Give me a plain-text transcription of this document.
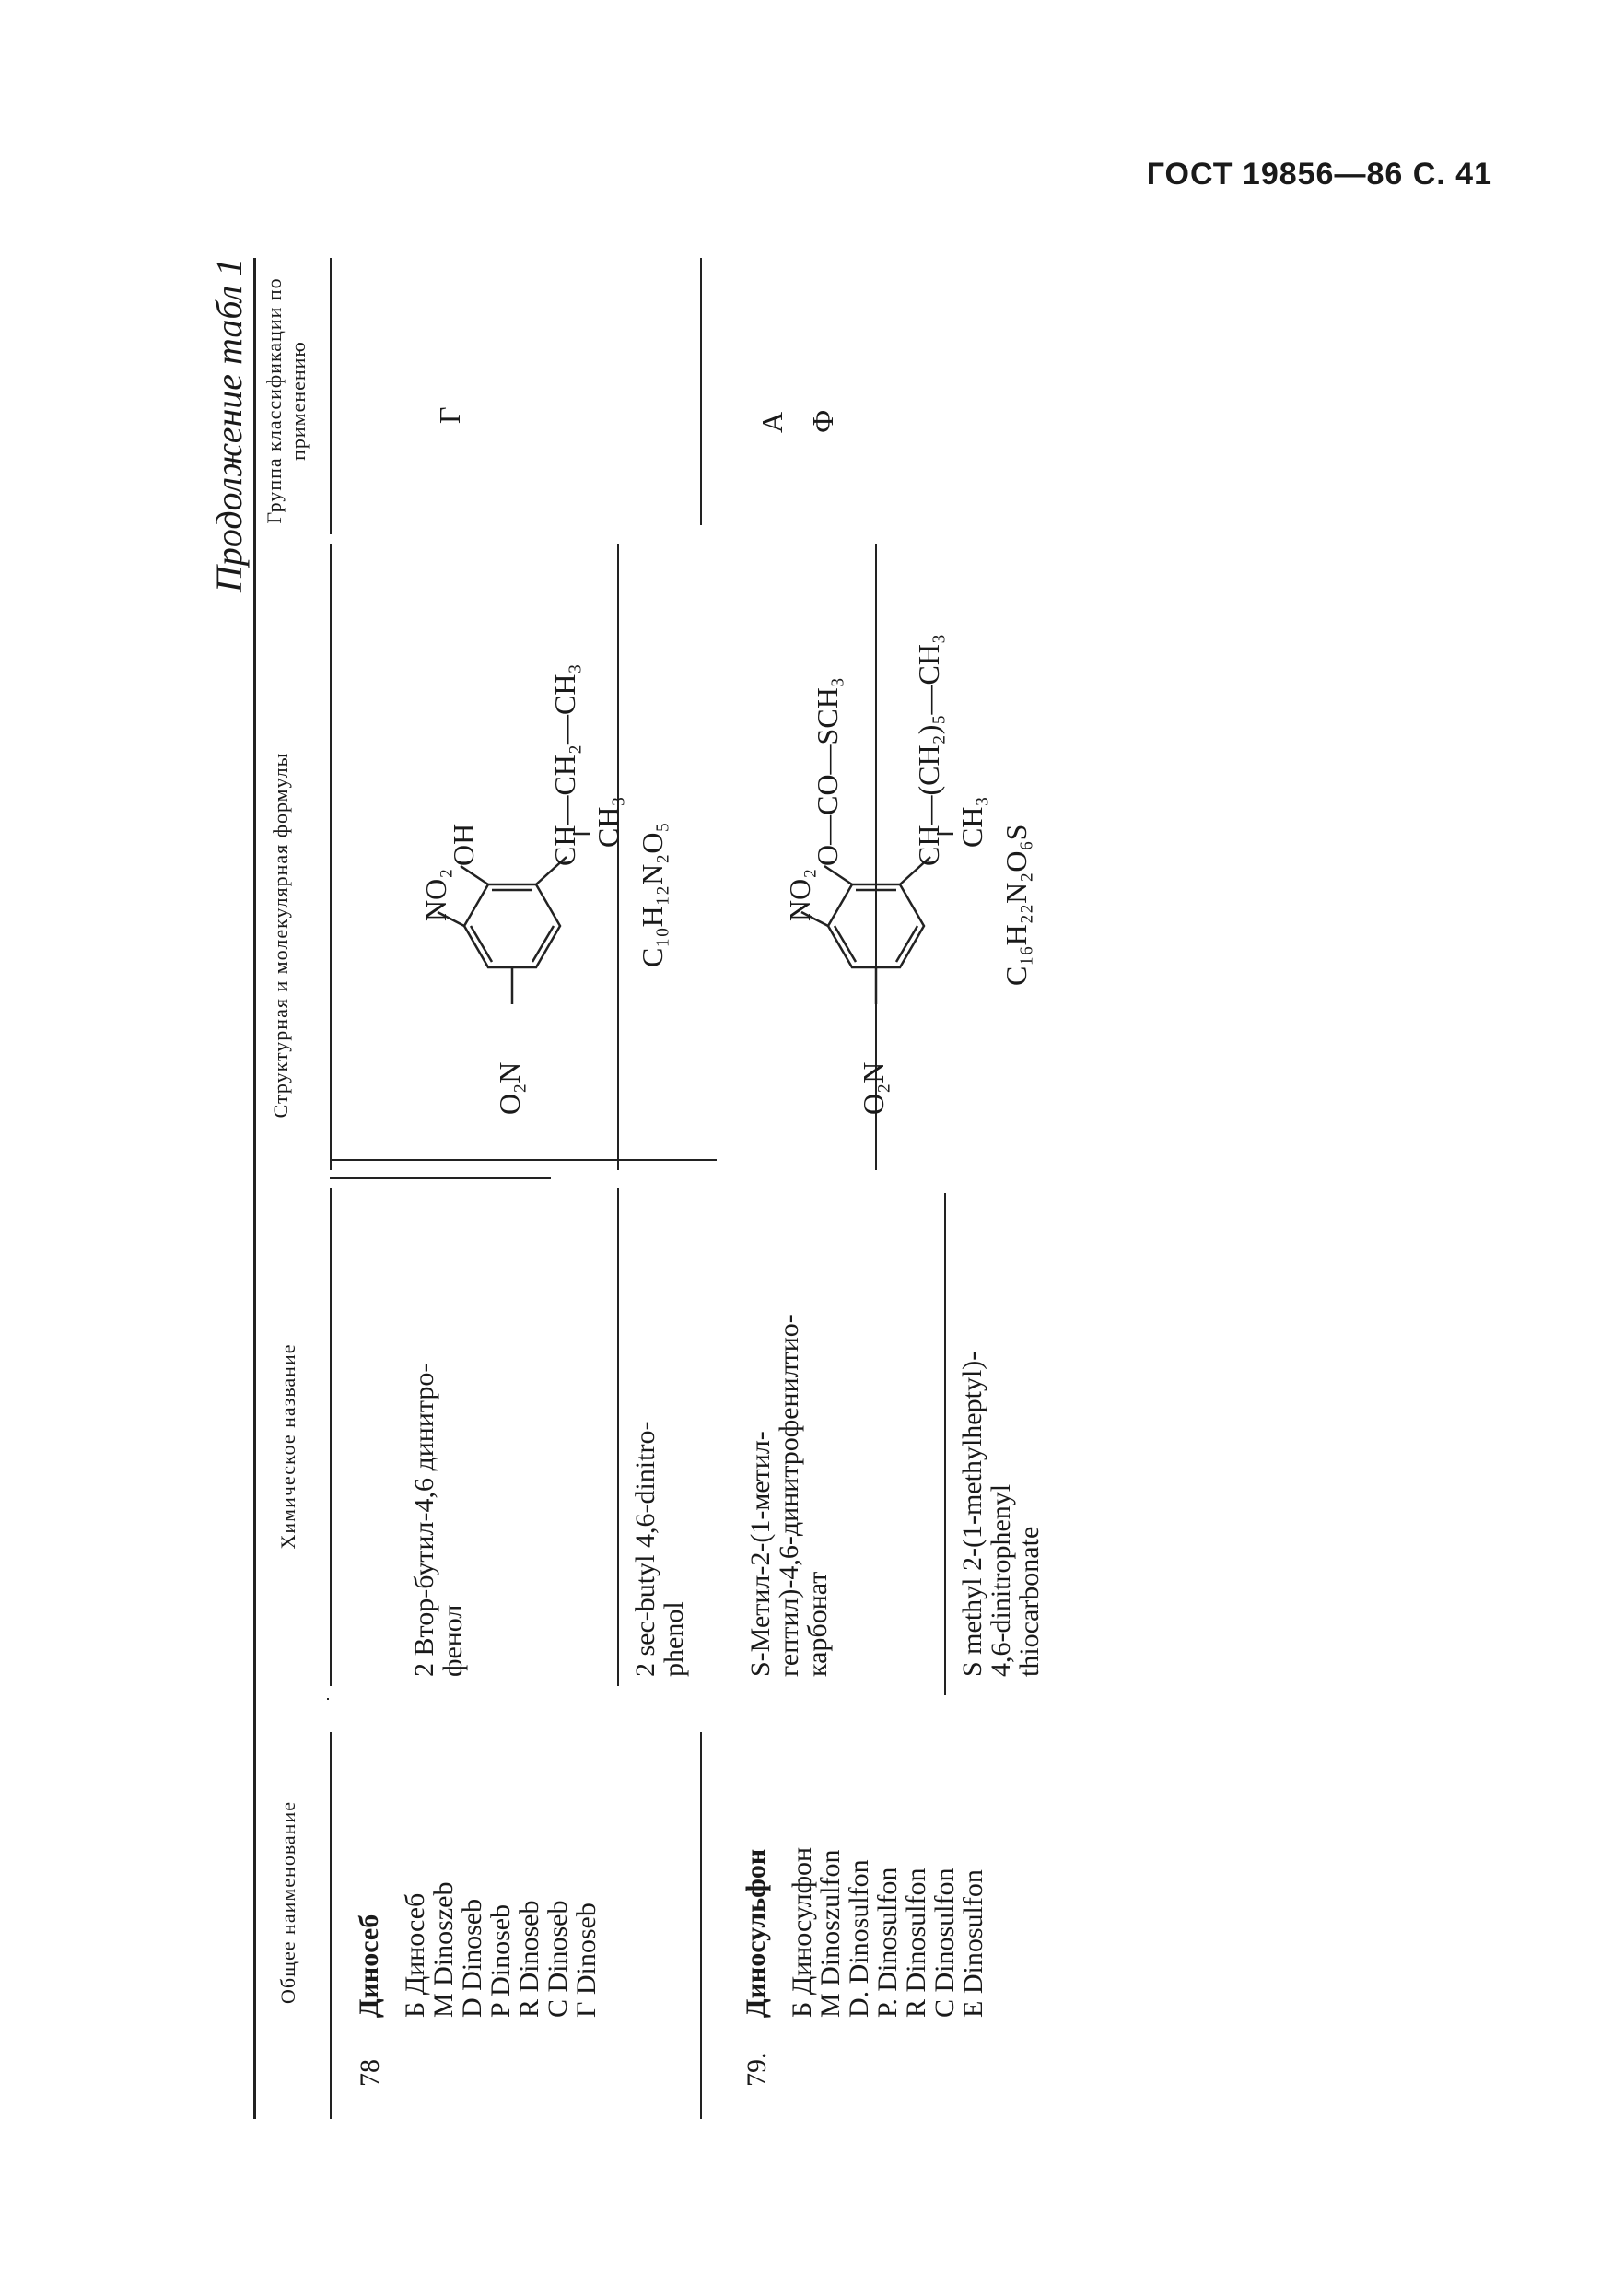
ГОСТ 19856—86 С. 41
Продолжение табл 1
Общее наименование
Химическое название
Структурная и молекулярная формулы
Группа классификации по применению
78
Диносеб Б Диносеб
М Dinoszeb
D Dinoseb
P Dinoseb
R Dinoseb
C Dinoseb
Г Dinoseb
2 Втор-бутил-4,6 динитро-
фенол	2 sec-butyl 4,6-dinitro-
phenol
O₂N
NO₂
OH CH—CH₂—CH₃ CH₃
C₁₀H₁₂N₂O₅
Г
79.
Диносульфон Б Диносулфон
М Dinoszulfon
D. Dinosulfon
P. Dinosulfon
R Dinosulfon
C Dinosulfon
E Dinosulfon
S-Метил-2-(1-метил-
гептил)-4,6-динитрофенилтио-
карбонат	S methyl 2-(1-methylheptyl)-
4,6-dinitrophenyl
thiocarbonate
O₂N
NO₂
O—CO—SCH₃ CH—(CH₂)₅—CH₃ CH₃
C₁₆H₂₂N₂O₆S
А Ф
